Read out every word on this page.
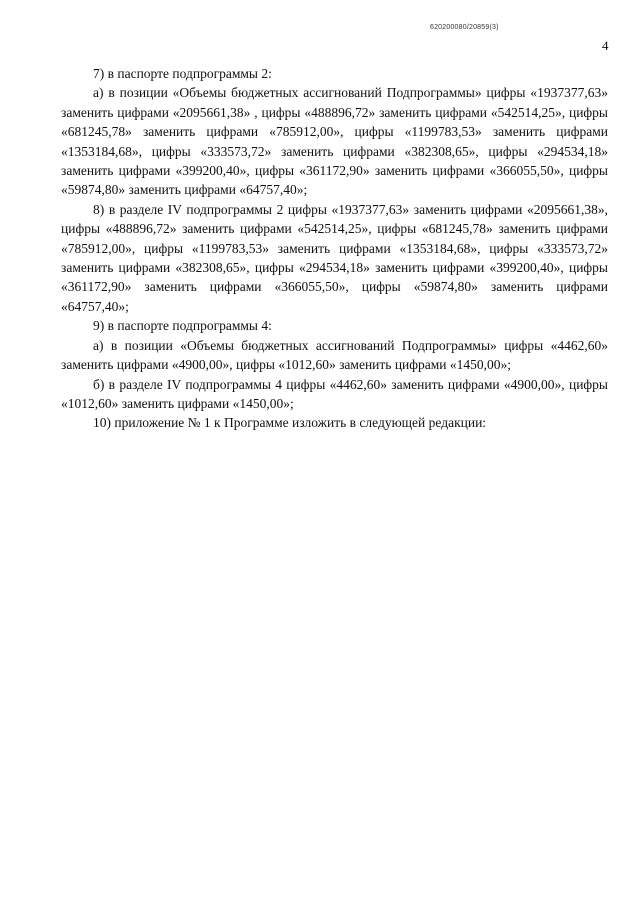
620200080/20859(3)
4

7) в паспорте подпрограммы 2:

а) в позиции «Объемы бюджетных ассигнований Подпрограммы» цифры «1937377,63» заменить цифрами «2095661,38» , цифры «488896,72» заменить цифрами «542514,25», цифры «681245,78» заменить цифрами «785912,00», цифры «1199783,53» заменить цифрами «1353184,68», цифры «333573,72» заменить цифрами «382308,65», цифры «294534,18» заменить цифрами «399200,40», цифры «361172,90» заменить цифрами «366055,50», цифры «59874,80» заменить цифрами «64757,40»;

8) в разделе IV подпрограммы 2 цифры «1937377,63» заменить цифрами «2095661,38», цифры «488896,72» заменить цифрами «542514,25», цифры «681245,78» заменить цифрами «785912,00», цифры «1199783,53» заменить цифрами «1353184,68», цифры «333573,72» заменить цифрами «382308,65», цифры «294534,18» заменить цифрами «399200,40», цифры «361172,90» заменить цифрами «366055,50», цифры «59874,80» заменить цифрами «64757,40»;

9) в паспорте подпрограммы 4:

а) в позиции «Объемы бюджетных ассигнований Подпрограммы» цифры «4462,60» заменить цифрами «4900,00», цифры «1012,60» заменить цифрами «1450,00»;

б) в разделе IV подпрограммы 4 цифры «4462,60» заменить цифрами «4900,00», цифры «1012,60» заменить цифрами «1450,00»;

10) приложение № 1 к Программе изложить в следующей редакции:
